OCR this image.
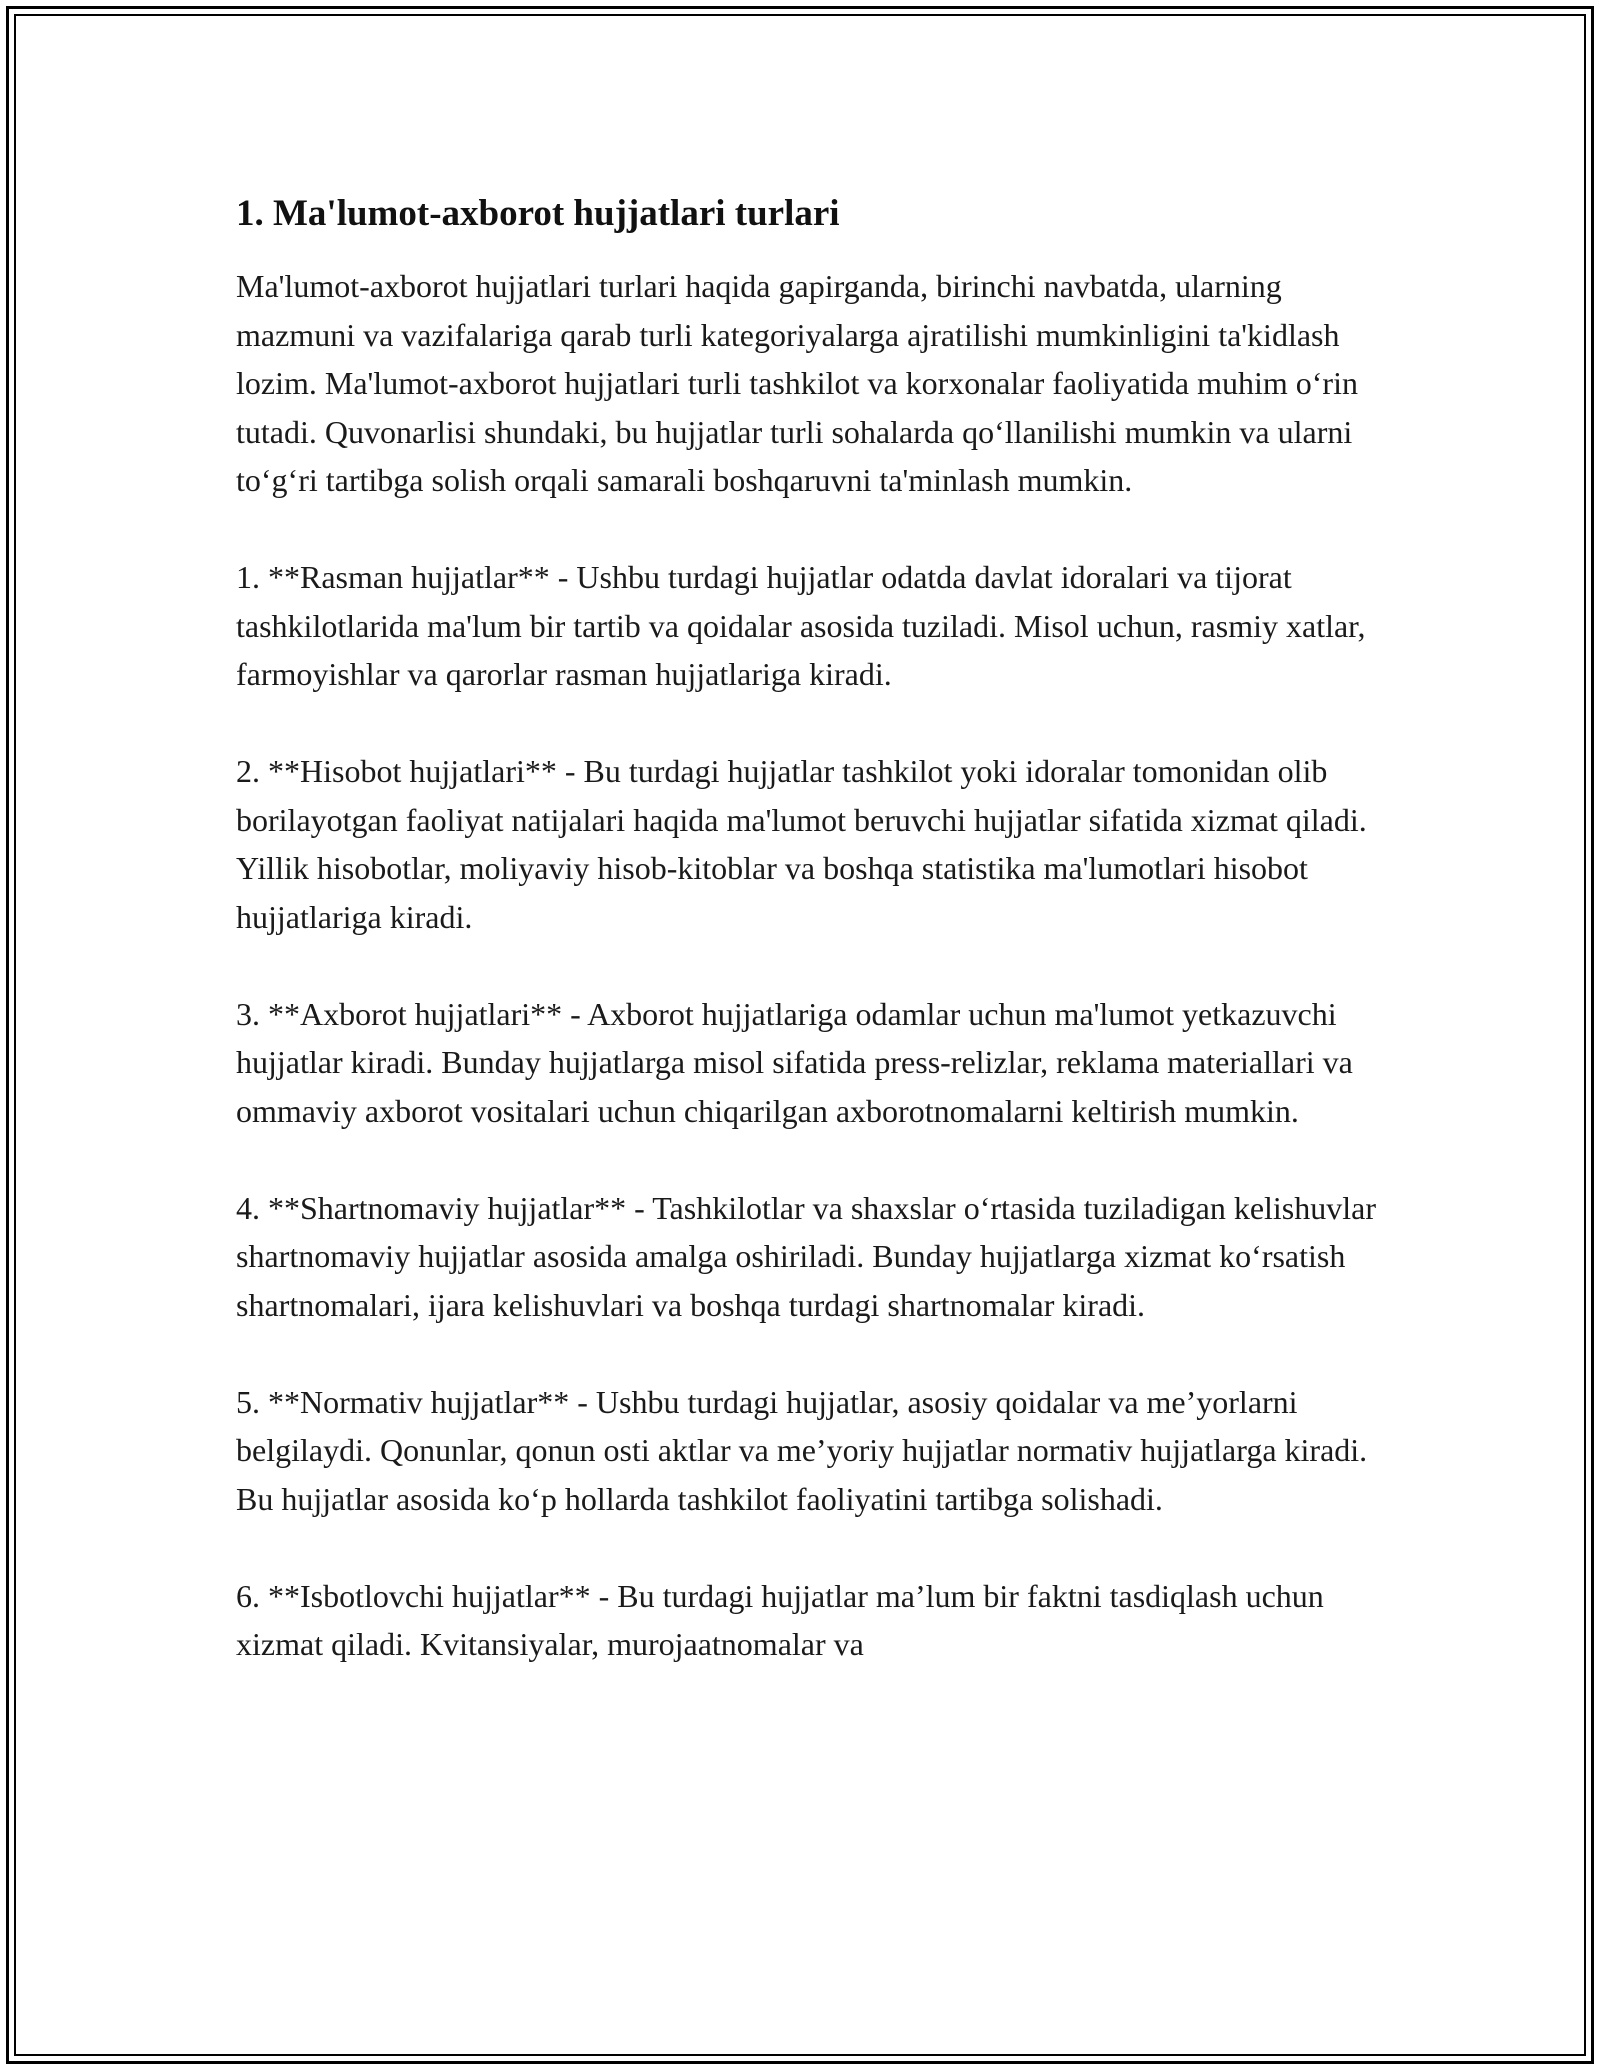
1. Ma'lumot-axborot hujjatlari turlari

Ma'lumot-axborot hujjatlari turlari haqida gapirganda, birinchi navbatda, ularning mazmuni va vazifalariga qarab turli kategoriyalarga ajratilishi mumkinligini ta'kidlash lozim. Ma'lumot-axborot hujjatlari turli tashkilot va korxonalar faoliyatida muhim o‘rin tutadi. Quvonarlisi shundaki, bu hujjatlar turli sohalarda qo‘llanilishi mumkin va ularni to‘g‘ri tartibga solish orqali samarali boshqaruvni ta'minlash mumkin.

1. **Rasman hujjatlar** - Ushbu turdagi hujjatlar odatda davlat idoralari va tijorat tashkilotlarida ma'lum bir tartib va qoidalar asosida tuziladi. Misol uchun, rasmiy xatlar, farmoyishlar va qarorlar rasman hujjatlariga kiradi.

2. **Hisobot hujjatlari** - Bu turdagi hujjatlar tashkilot yoki idoralar tomonidan olib borilayotgan faoliyat natijalari haqida ma'lumot beruvchi hujjatlar sifatida xizmat qiladi. Yillik hisobotlar, moliyaviy hisob-kitoblar va boshqa statistika ma'lumotlari hisobot hujjatlariga kiradi.

3. **Axborot hujjatlari** - Axborot hujjatlariga odamlar uchun ma'lumot yetkazuvchi hujjatlar kiradi. Bunday hujjatlarga misol sifatida press-relizlar, reklama materiallari va ommaviy axborot vositalari uchun chiqarilgan axborotnomalarni keltirish mumkin.

4. **Shartnomaviy hujjatlar** - Tashkilotlar va shaxslar o‘rtasida tuziladigan kelishuvlar shartnomaviy hujjatlar asosida amalga oshiriladi. Bunday hujjatlarga xizmat ko‘rsatish shartnomalari, ijara kelishuvlari va boshqa turdagi shartnomalar kiradi.

5. **Normativ hujjatlar** - Ushbu turdagi hujjatlar, asosiy qoidalar va me’yorlarni belgilaydi. Qonunlar, qonun osti aktlar va me’yoriy hujjatlar normativ hujjatlarga kiradi. Bu hujjatlar asosida ko‘p hollarda tashkilot faoliyatini tartibga solishadi.

6. **Isbotlovchi hujjatlar** - Bu turdagi hujjatlar ma’lum bir faktni tasdiqlash uchun xizmat qiladi. Kvitansiyalar, murojaatnomalar va
